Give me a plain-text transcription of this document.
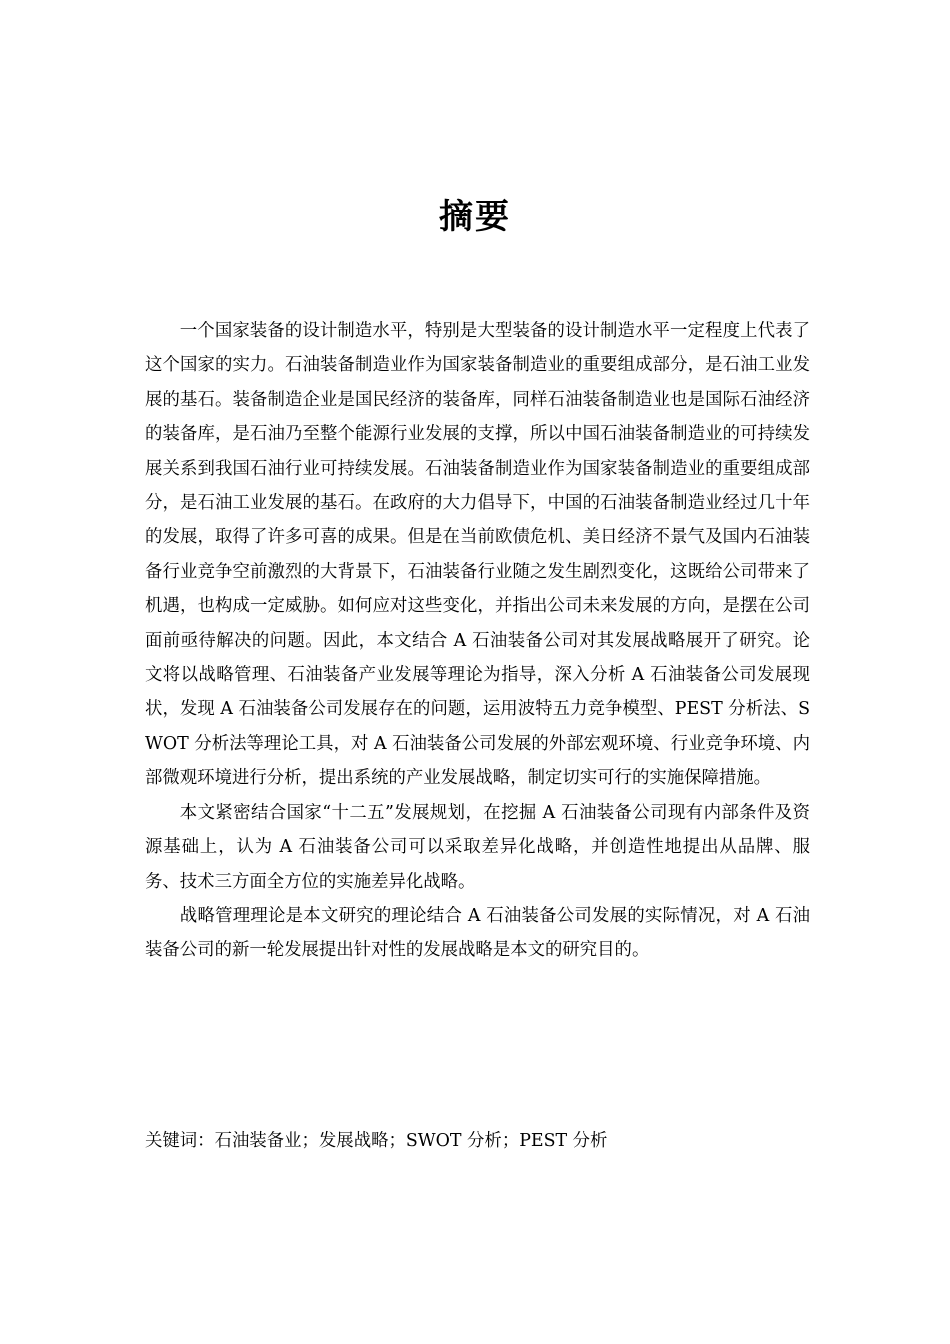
摘要

一个国家装备的设计制造水平，特别是大型装备的设计制造水平一定程度上代表了这个国家的实力。石油装备制造业作为国家装备制造业的重要组成部分，是石油工业发展的基石。装备制造企业是国民经济的装备库，同样石油装备制造业也是国际石油经济的装备库，是石油乃至整个能源行业发展的支撑，所以中国石油装备制造业的可持续发展关系到我国石油行业可持续发展。石油装备制造业作为国家装备制造业的重要组成部分，是石油工业发展的基石。在政府的大力倡导下，中国的石油装备制造业经过几十年的发展，取得了许多可喜的成果。但是在当前欧债危机、美日经济不景气及国内石油装备行业竞争空前激烈的大背景下，石油装备行业随之发生剧烈变化，这既给公司带来了机遇，也构成一定威胁。如何应对这些变化，并指出公司未来发展的方向，是摆在公司面前亟待解决的问题。因此，本文结合 A 石油装备公司对其发展战略展开了研究。论文将以战略管理、石油装备产业发展等理论为指导，深入分析 A 石油装备公司发展现状，发现 A 石油装备公司发展存在的问题，运用波特五力竞争模型、PEST 分析法、SWOT 分析法等理论工具，对 A 石油装备公司发展的外部宏观环境、行业竞争环境、内部微观环境进行分析，提出系统的产业发展战略，制定切实可行的实施保障措施。

本文紧密结合国家“十二五”发展规划，在挖掘 A 石油装备公司现有内部条件及资源基础上，认为 A 石油装备公司可以采取差异化战略，并创造性地提出从品牌、服务、技术三方面全方位的实施差异化战略。

战略管理理论是本文研究的理论结合 A 石油装备公司发展的实际情况，对 A 石油装备公司的新一轮发展提出针对性的发展战略是本文的研究目的。

关键词：石油装备业；发展战略；SWOT 分析；PEST 分析
